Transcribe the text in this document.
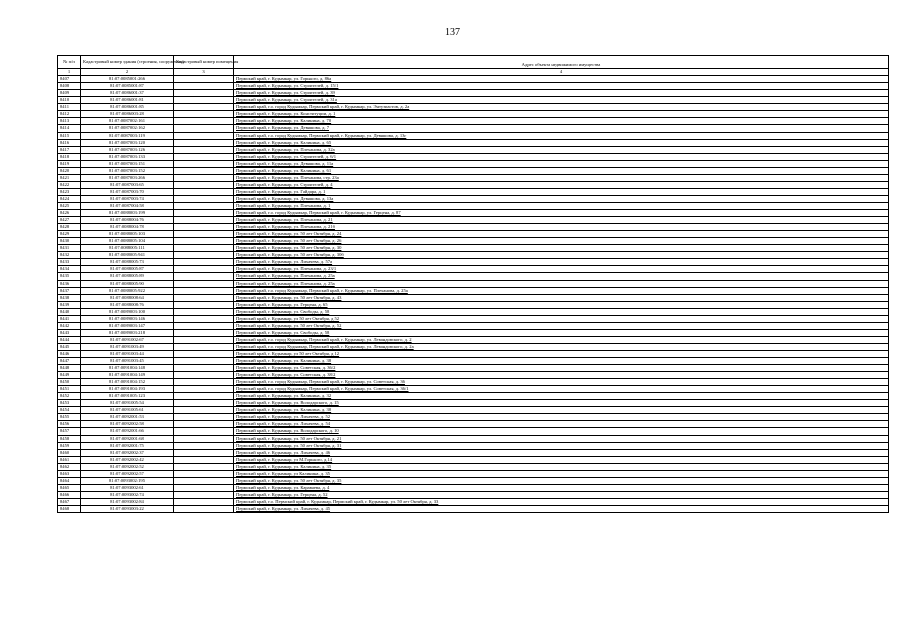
137
№ п/п	Кадастровый номер здания (строения, сооружения)	Кадастровый номер помещения	
			Адрес объекта недвижимого имущества
1	2	3	4
8407	81:07:0085001:266		Пермский край, г. Кудымкар, ул. Горького, д. 86а
8408	81:07:0085001:87		Пермский край, г. Кудымкар, ул. Строителей, д. 15/1
8409	81:07:0086001:37		Пермский край, г. Кудымкар, ул. Строителей, д. 39
8410	81:07:0086001:81		Пермский край, г. Кудымкар, ул. Строителей, д. 31а
8411	81:07:0086001:85		Пермский край, г.о. город Кудымкар, Пермский край, г. Кудымкар, ул. Энтузиастов, д. 2а
8412	81:07:0086003:28		Пермский край, г. Кудымкар, ул. Конституции, д. 1
8413	81:07:0087002:161		Пермский край, г. Кудымкар, ул. Калинина, д. 70
8414	81:07:0087002:162		Пермский край, г. Кудымкар, ул. Девяшова, д. 7
8415	81:07:0087003:119		Пермский край, г.о. город Кудымкар, Пермский край, г. Кудымкар, ул. Девяшова, д. 13г
8416	81:07:0087003:120		Пермский край, г. Кудымкар, ул. Калинина, д. 65
8417	81:07:0087003:126		Пермский край, г. Кудымкар, ул. Плеханова, д. 32а
8418	81:07:0087003:133		Пермский край, г. Кудымкар, ул. Строителей, д. 6/1
8419	81:07:0087003:151		Пермский край, г. Кудымкар, ул. Девяшова, д. 11а
8420	81:07:0087003:152		Пермский край, г. Кудымкар, ул. Калинина, д. 61
8421	81:07:0087003:266		Пермский край, г. Кудымкар, ул. Плеханова, стр. 23а
8422	81:07:0087003:65		Пермский край, г. Кудымкар, ул. Строителей, д. 4
8423	81:07:0087003:70		Пермский край, г. Кудымкар, ул. Гайдара, д. 1
8424	81:07:0087003:74		Пермский край, г. Кудымкар, ул. Девяшова, д. 13а
8425	81:07:0087004:58		Пермский край, г. Кудымкар, ул. Плеханова, д. 1
8426	81:07:0088003:199		Пермский край, г.о. город Кудымкар, Пермский край, г. Кудымкар, ул. Герцена, д. 87
8427	81:07:0088004:76		Пермский край, г. Кудымкар, ул. Плеханова, д. 21
8428	81:07:0088004:78		Пермский край, г. Кудымкар, ул. Плеханова, д. 21б
8429	81:07:0088005:103		Пермский край, г. Кудымкар, ул. 50 лет Октября, д. 24
8430	81:07:0088005:104		Пермский край, г. Кудымкар, ул. 50 лет Октября, д. 26
8431	81:07:0088005:111		Пермский край, г. Кудымкар, ул. 50 лет Октября, д. 30
8432	81:07:0088005:941		Пермский край, г. Кудымкар, ул. 50 лет Октября, д. 30б
8433	81:07:0088005:73		Пермский край, г. Кудымкар, ул. Лихачева, д. 57а
8434	81:07:0088005:87		Пермский край, г. Кудымкар, ул. Плеханова, д. 23/1
8435	81:07:0088005:89		Пермский край, г. Кудымкар, ул. Плеханова, д. 25а
8436	81:07:0088005:90		Пермский край, г. Кудымкар, ул. Плеханова, д. 25а
8437	81:07:0088005:922		Пермский край, г.о. город Кудымкар, Пермский край, г. Кудымкар, ул. Плеханова, д. 25а
8438	81:07:0088008:64		Пермский край, г. Кудымкар, ул. 50 лет Октября, д. 43
8439	81:07:0088008:76		Пермский край, г. Кудымкар, ул. Герцена, д. 65
8440	81:07:0089003:100		Пермский край, г. Кудымкар, ул. Свободы, д. 58
8441	81:07:0089003:146		Пермский край, г. Кудымкар, ул 50 лет Октября, д 52
8442	81:07:0089003:147		Пермский край, г. Кудымкар, ул. 50 лет Октября, д. 52
8443	81:07:0089003:218		Пермский край, г. Кудымкар, ул. Свободы, д. 58
8444	81:07:0091002:67		Пермский край, г.о. город Кудымкар, Пермский край, г. Кудымкар, ул. Левандовского, д. 2
8445	81:07:0091003:49		Пермский край, г.о. город Кудымкар, Пермский край, г. Кудымкар, ул. Левандовского, д. 2а
8446	81:07:0091003:44		Пермский край, г. Кудымкар, ул 50 лет Октября, д 12
8447	81:07:0091003:45		Пермский край, г. Кудымкар, ул. Калинина, д. 38
8448	81:07:0091004:148		Пермский край, г. Кудымкар, ул. Советская, д. 36/2
8449	81:07:0091004:149		Пермский край, г. Кудымкар, ул. Советская, д. 38/2
8450	81:07:0091004:152		Пермский край, г.о. город Кудымкар, Пермский край, г. Кудымкар, ул. Советская, д. 36
8451	81:07:0091004:193		Пермский край, г.о. город Кудымкар, Пермский край, г. Кудымкар, ул. Советская, д. 36/1
8452	81:07:0091005:123		Пермский край, г. Кудымкар, ул. Калинина, д. 32
8453	81:07:0091005:54		Пермский край, г. Кудымкар, ул. Володарского, д. 15
8454	81:07:0091005:61		Пермский край, г. Кудымкар, ул. Калинина, д. 30
8455	81:07:0092001:53		Пермский край, г. Кудымкар, ул. Лихачева, д. 52
8456	81:07:0092002:58		Пермский край, г. Кудымкар, ул. Лихачева, д. 54
8457	81:07:0092001:66		Пермский край, г. Кудымкар, ул. Володарского, д. 10
8458	81:07:0092001:68		Пермский край, г. Кудымкар, ул. 50 лет Октября, д. 21
8459	81:07:0092001:75		Пермский край, г. Кудымкар, ул. 50 лет Октября, д. 31
8460	81:07:0092002:37		Пермский край, г. Кудымкар, ул. Лихачева, д. 46
8461	81:07:0092002:42		Пермский край, г. Кудымкар, ул М.Горького, д.14
8462	81:07:0092002:52		Пермский край, г. Кудымкар, ул. Калинина, д. 35
8463	81:07:0092002:57		Пермский край, г. Кудымкар, ул Калинина, д. 35
8464	81:07:0093002:195		Пермский край, г. Кудымкар, ул. 50 лет Октября, д. 35
8465	81:07:0093002:61		Пермский край, г. Кудымкар, ул. Караваева, д. 4
8466	81:07:0093002:74		Пермский край, г. Кудымкар, ул. Герцена, д. 52
8467	81:07:0093002:84		Пермский край, г.о. Пермский край, г. Кудымкар, Пермский край, г. Кудымкар, ул. 50 лет Октября, д. 33
8468	81:07:0093003:22		Пермский край, г. Кудымкар, ул. Лихачева, д. 45
